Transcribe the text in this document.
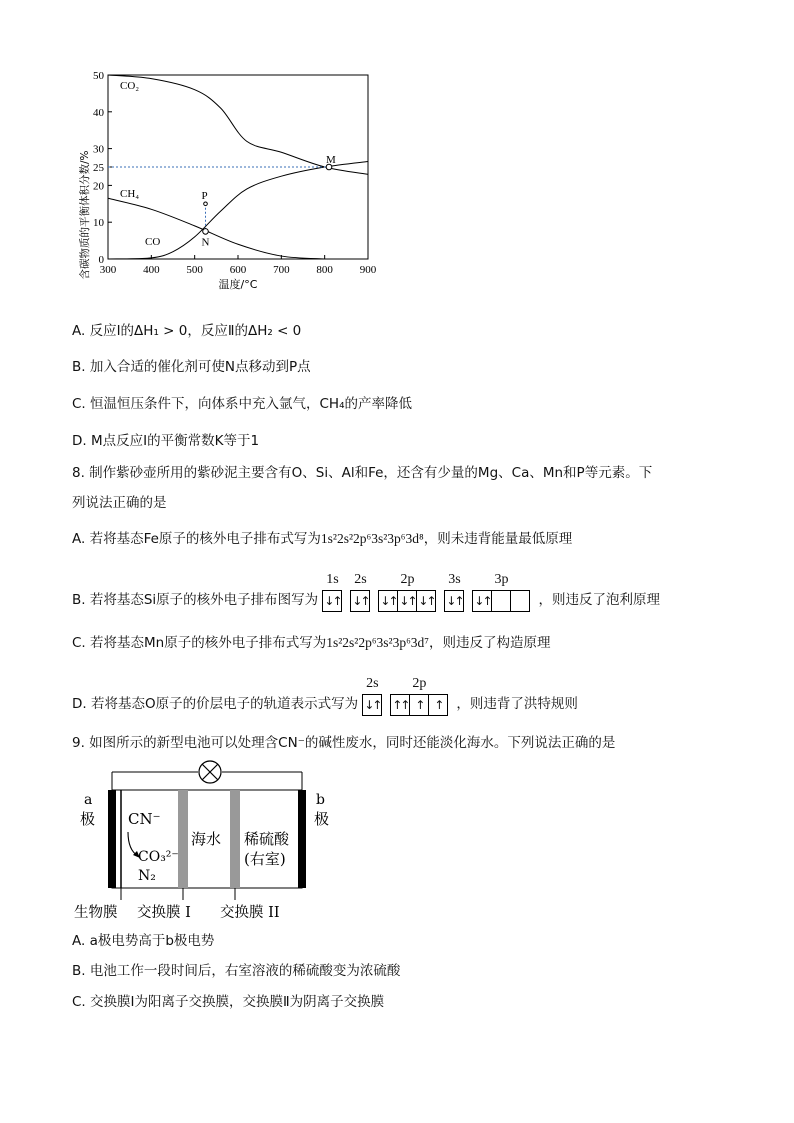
300 400 500 600 700 800 900
0
10
20
25
30
40
50
M
N
P
含碳物质的平衡体积分数/%
温度/°C
CO₂
CH₄
CO
A. 反应Ⅰ的ΔH₁ > 0，反应Ⅱ的ΔH₂ < 0
B. 加入合适的催化剂可使N点移动到P点
C. 恒温恒压条件下，向体系中充入氩气，CH₄的产率降低
D. M点反应Ⅰ的平衡常数K等于1
8. 制作紫砂壶所用的紫砂泥主要含有O、Si、Al和Fe，还含有少量的Mg、Ca、Mn和P等元素。下
列说法正确的是
A. 若将基态Fe原子的核外电子排布式写为1s²2s²2p⁶3s²3p⁶3d⁸，则未违背能量最低原理
B. 若将基态Si原子的核外电子排布图写为
1s
↓↑
2s
↓↑
2p
↓↑ ↓↑ ↓↑
3s
↓↑
3p
↓↑	，则违反了泡利原理
C. 若将基态Mn原子的核外电子排布式写为1s²2s²2p⁶3s²3p⁶3d⁷，则违反了构造原理
D. 若将基态O原子的价层电子的轨道表示式写为
2s
↓↑
2p
↑↑ ↑ ↑	，则违背了洪特规则
9. 如图所示的新型电池可以处理含CN⁻的碱性废水，同时还能淡化海水。下列说法正确的是
a
极
b
极
CN⁻
CO₃²⁻
N₂
海水 稀硫酸
(右室)
生物膜 交换膜 I 交换膜 II
A. a极电势高于b极电势
B. 电池工作一段时间后，右室溶液的稀硫酸变为浓硫酸
C. 交换膜Ⅰ为阳离子交换膜，交换膜Ⅱ为阴离子交换膜
